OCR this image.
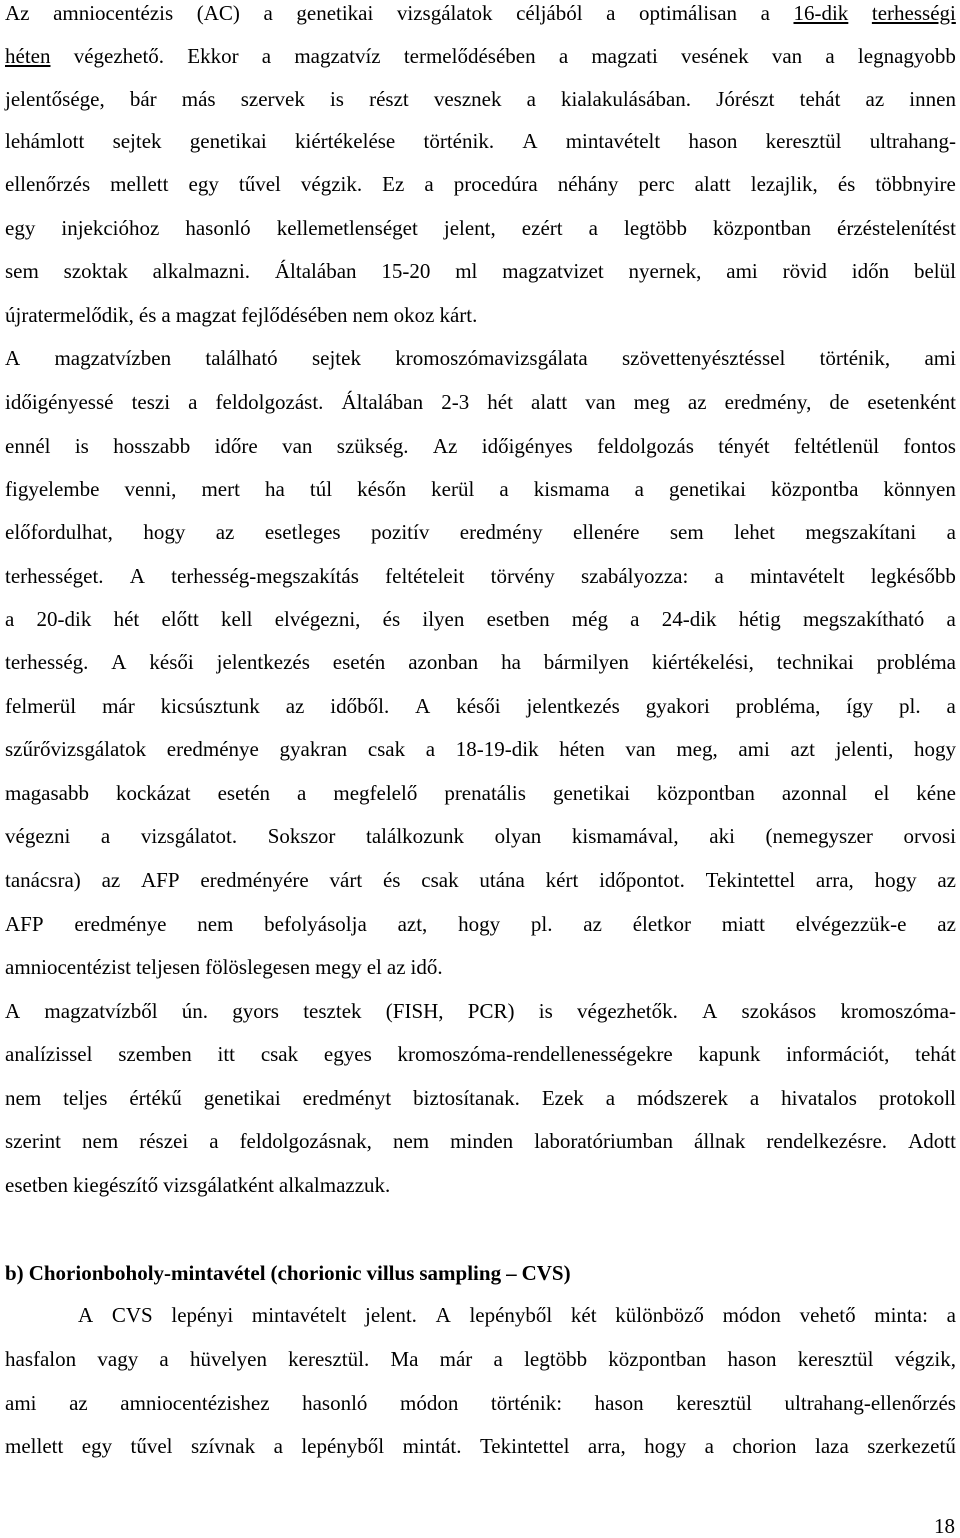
Az amniocentézis (AC) a genetikai vizsgálatok céljából a optimálisan a 16-dik terhességi
héten végezhető. Ekkor a magzatvíz termelődésében a magzati vesének van a legnagyobb
jelentősége, bár más szervek is részt vesznek a kialakulásában. Jórészt tehát az innen
lehámlott sejtek genetikai kiértékelése történik. A mintavételt hason keresztül ultrahang-
ellenőrzés mellett egy tűvel végzik. Ez a procedúra néhány perc alatt lezajlik, és többnyire
egy injekcióhoz hasonló kellemetlenséget jelent, ezért a legtöbb központban érzéstelenítést
sem szoktak alkalmazni. Általában 15-20 ml magzatvizet nyernek, ami rövid időn belül
újratermelődik, és a magzat fejlődésében nem okoz kárt.
A magzatvízben található sejtek kromoszómavizsgálata szövettenyésztéssel történik, ami
időigényessé teszi a feldolgozást. Általában 2-3 hét alatt van meg az eredmény, de esetenként
ennél is hosszabb időre van szükség. Az időigényes feldolgozás tényét feltétlenül fontos
figyelembe venni, mert ha túl későn kerül a kismama a genetikai központba könnyen
előfordulhat, hogy az esetleges pozitív eredmény ellenére sem lehet megszakítani a
terhességet. A terhesség-megszakítás feltételeit törvény szabályozza: a mintavételt legkésőbb
a 20-dik hét előtt kell elvégezni, és ilyen esetben még a 24-dik hétig megszakítható a
terhesség. A késői jelentkezés esetén azonban ha bármilyen kiértékelési, technikai probléma
felmerül már kicsúsztunk az időből. A késői jelentkezés gyakori probléma, így pl. a
szűrővizsgálatok eredménye gyakran csak a 18-19-dik héten van meg, ami azt jelenti, hogy
magasabb kockázat esetén a megfelelő prenatális genetikai központban azonnal el kéne
végezni a vizsgálatot. Sokszor találkozunk olyan kismamával, aki (nemegyszer orvosi
tanácsra) az AFP eredményére várt és csak utána kért időpontot. Tekintettel arra, hogy az
AFP eredménye nem befolyásolja azt, hogy pl. az életkor miatt elvégezzük-e az
amniocentézist teljesen fölöslegesen megy el az idő.
A magzatvízből ún. gyors tesztek (FISH, PCR) is végezhetők. A szokásos kromoszóma-
analízissel szemben itt csak egyes kromoszóma-rendellenességekre kapunk információt, tehát
nem teljes értékű genetikai eredményt biztosítanak. Ezek a módszerek a hivatalos protokoll
szerint nem részei a feldolgozásnak, nem minden laboratóriumban állnak rendelkezésre. Adott
esetben kiegészítő vizsgálatként alkalmazzuk.
b) Chorionboholy-mintavétel (chorionic villus sampling – CVS)
A CVS lepényi mintavételt jelent. A lepényből két különböző módon vehető minta: a
hasfalon vagy a hüvelyen keresztül. Ma már a legtöbb központban hason keresztül végzik,
ami az amniocentézishez hasonló módon történik: hason keresztül ultrahang-ellenőrzés
mellett egy tűvel szívnak a lepényből mintát. Tekintettel arra, hogy a chorion laza szerkezetű
18
